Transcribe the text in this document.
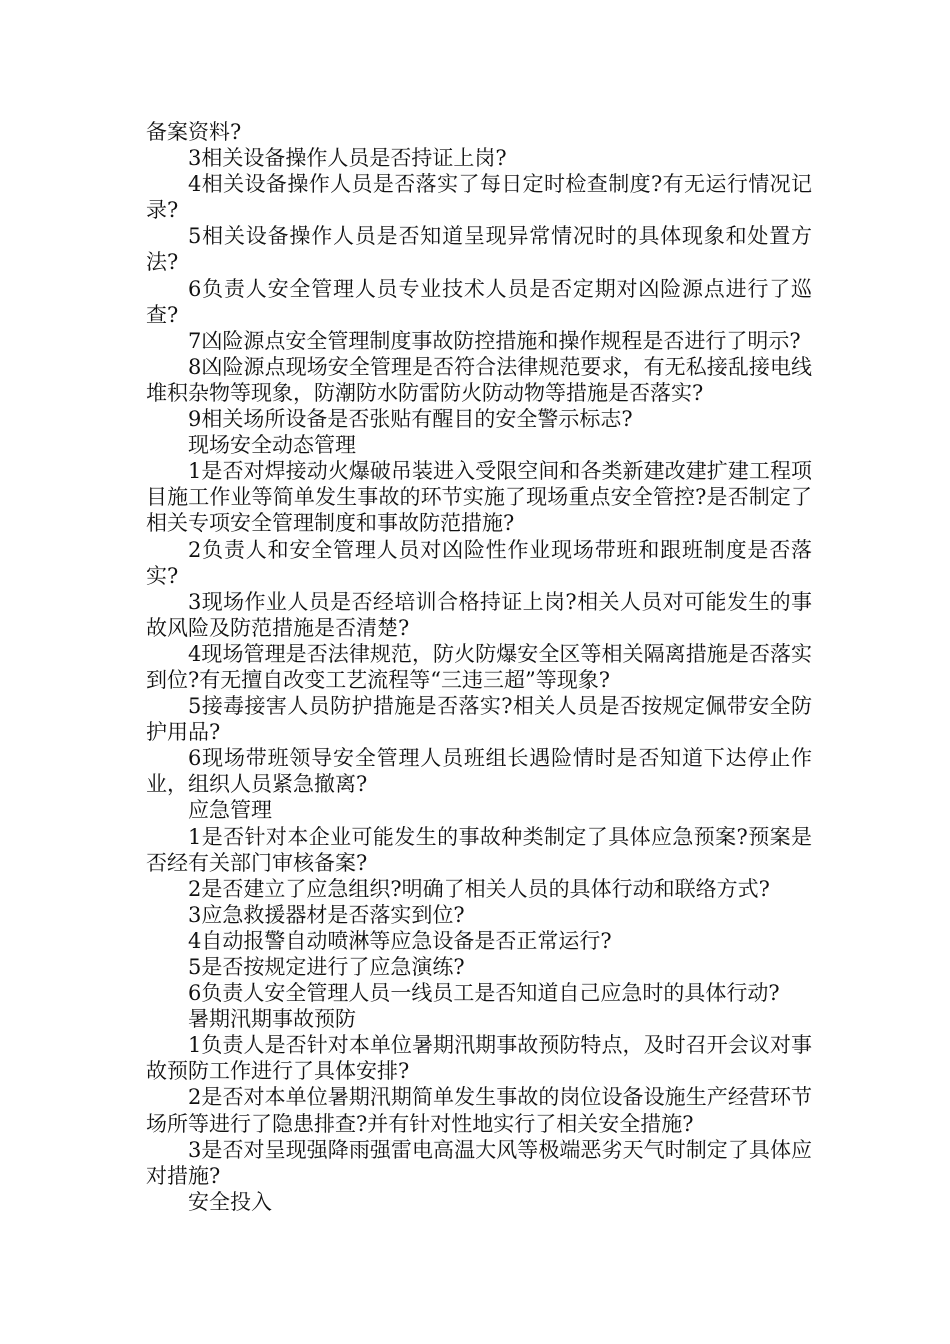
备案资料?

3相关设备操作人员是否持证上岗?

4相关设备操作人员是否落实了每日定时检查制度?有无运行情况记录?

5相关设备操作人员是否知道呈现异常情况时的具体现象和处置方法?

6负责人安全管理人员专业技术人员是否定期对凶险源点进行了巡查?

7凶险源点安全管理制度事故防控措施和操作规程是否进行了明示?

8凶险源点现场安全管理是否符合法律规范要求，有无私接乱接电线堆积杂物等现象，防潮防水防雷防火防动物等措施是否落实?

9相关场所设备是否张贴有醒目的安全警示标志?

现场安全动态管理

1是否对焊接动火爆破吊装进入受限空间和各类新建改建扩建工程项目施工作业等简单发生事故的环节实施了现场重点安全管控?是否制定了相关专项安全管理制度和事故防范措施?

2负责人和安全管理人员对凶险性作业现场带班和跟班制度是否落实?

3现场作业人员是否经培训合格持证上岗?相关人员对可能发生的事故风险及防范措施是否清楚?

4现场管理是否法律规范，防火防爆安全区等相关隔离措施是否落实到位?有无擅自改变工艺流程等“三违三超”等现象?

5接毒接害人员防护措施是否落实?相关人员是否按规定佩带安全防护用品?

6现场带班领导安全管理人员班组长遇险情时是否知道下达停止作业，组织人员紧急撤离?

应急管理

1是否针对本企业可能发生的事故种类制定了具体应急预案?预案是否经有关部门审核备案?

2是否建立了应急组织?明确了相关人员的具体行动和联络方式?

3应急救援器材是否落实到位?

4自动报警自动喷淋等应急设备是否正常运行?

5是否按规定进行了应急演练?

6负责人安全管理人员一线员工是否知道自己应急时的具体行动?

暑期汛期事故预防

1负责人是否针对本单位暑期汛期事故预防特点，及时召开会议对事故预防工作进行了具体安排?

2是否对本单位暑期汛期简单发生事故的岗位设备设施生产经营环节场所等进行了隐患排查?并有针对性地实行了相关安全措施?

3是否对呈现强降雨强雷电高温大风等极端恶劣天气时制定了具体应对措施?

安全投入
